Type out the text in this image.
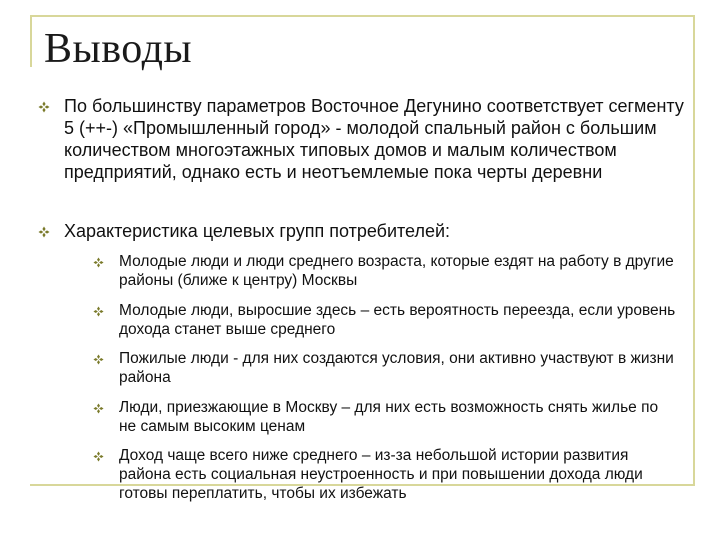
Выводы

По большинству параметров Восточное Дегунино соответствует сегменту 5 (++-) «Промышленный город» - молодой спальный район с большим количеством многоэтажных типовых домов и малым количеством предприятий, однако есть и неотъемлемые пока черты деревни

Характеристика целевых групп потребителей:

Молодые люди и люди среднего возраста, которые ездят на работу в другие районы (ближе к центру) Москвы

Молодые люди, выросшие здесь – есть вероятность переезда, если уровень дохода станет выше среднего

Пожилые люди - для них создаются условия, они активно участвуют в жизни района

Люди, приезжающие в Москву – для них есть возможность снять жилье по не самым высоким ценам

Доход чаще всего ниже среднего – из-за небольшой истории развития района есть социальная неустроенность и при повышении дохода люди готовы переплатить, чтобы их избежать
